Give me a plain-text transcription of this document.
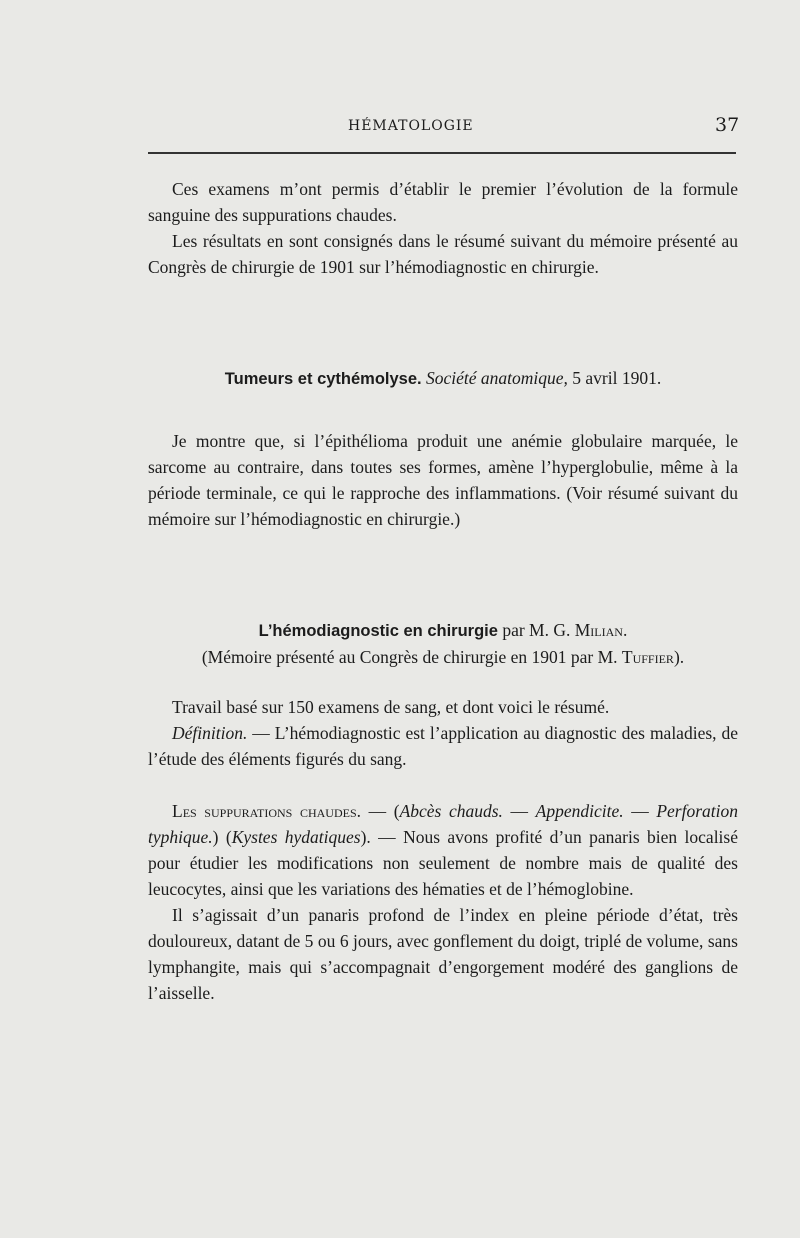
HÉMATOLOGIE	37

Ces examens m’ont permis d’établir le premier l’évolution de la formule sanguine des suppurations chaudes.

Les résultats en sont consignés dans le résumé suivant du mémoire présenté au Congrès de chirurgie de 1901 sur l’hémodiagnostic en chirurgie.

Tumeurs et cythémolyse. Société anatomique, 5 avril 1901.

Je montre que, si l’épithélioma produit une anémie globulaire marquée, le sarcome au contraire, dans toutes ses formes, amène l’hyperglobulie, même à la période terminale, ce qui le rapproche des inflammations. (Voir résumé suivant du mémoire sur l’hémodiagnostic en chirurgie.)

L’hémodiagnostic en chirurgie par M. G. Milian.

(Mémoire présenté au Congrès de chirurgie en 1901 par M. Tuffier).

Travail basé sur 150 examens de sang, et dont voici le résumé.

Définition. — L’hémodiagnostic est l’application au diagnostic des maladies, de l’étude des éléments figurés du sang.

Les suppurations chaudes. — (Abcès chauds. — Appendicite. — Perforation typhique.) (Kystes hydatiques). — Nous avons profité d’un panaris bien localisé pour étudier les modifications non seulement de nombre mais de qualité des leucocytes, ainsi que les variations des hématies et de l’hémoglobine.

Il s’agissait d’un panaris profond de l’index en pleine période d’état, très douloureux, datant de 5 ou 6 jours, avec gonflement du doigt, triplé de volume, sans lymphangite, mais qui s’accompagnait d’engorgement modéré des ganglions de l’aisselle.
